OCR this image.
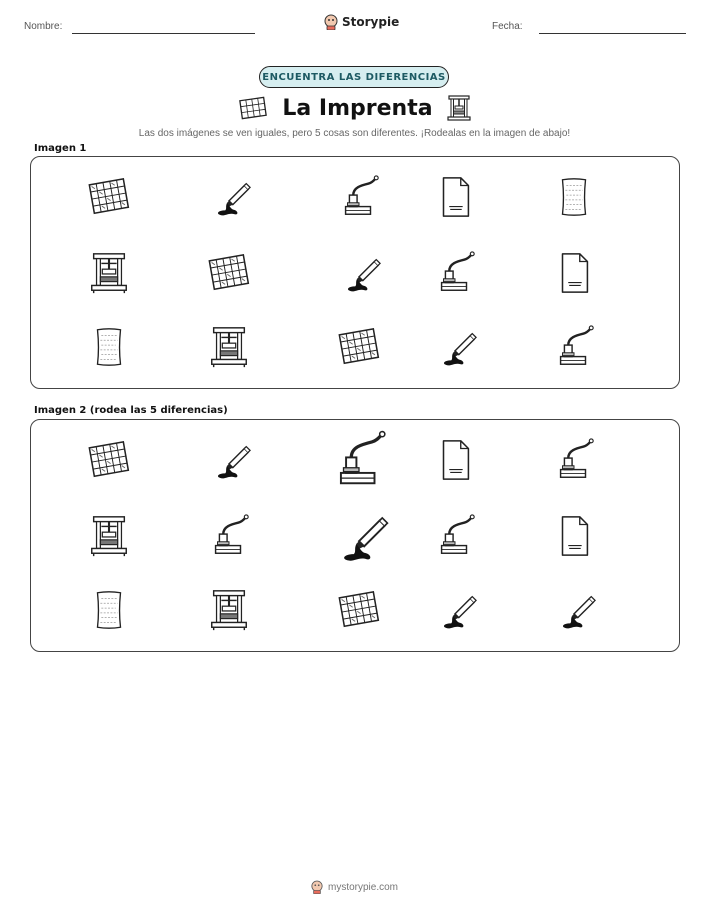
Nombre:	Storypie	Fecha:
ENCUENTRA LAS DIFERENCIAS
La Imprenta
Las dos imágenes se ven iguales, pero 5 cosas son diferentes. ¡Rodealas en la imagen de abajo!
Imagen 1
Imagen 2 (rodea las 5 diferencias)
mystorypie.com
